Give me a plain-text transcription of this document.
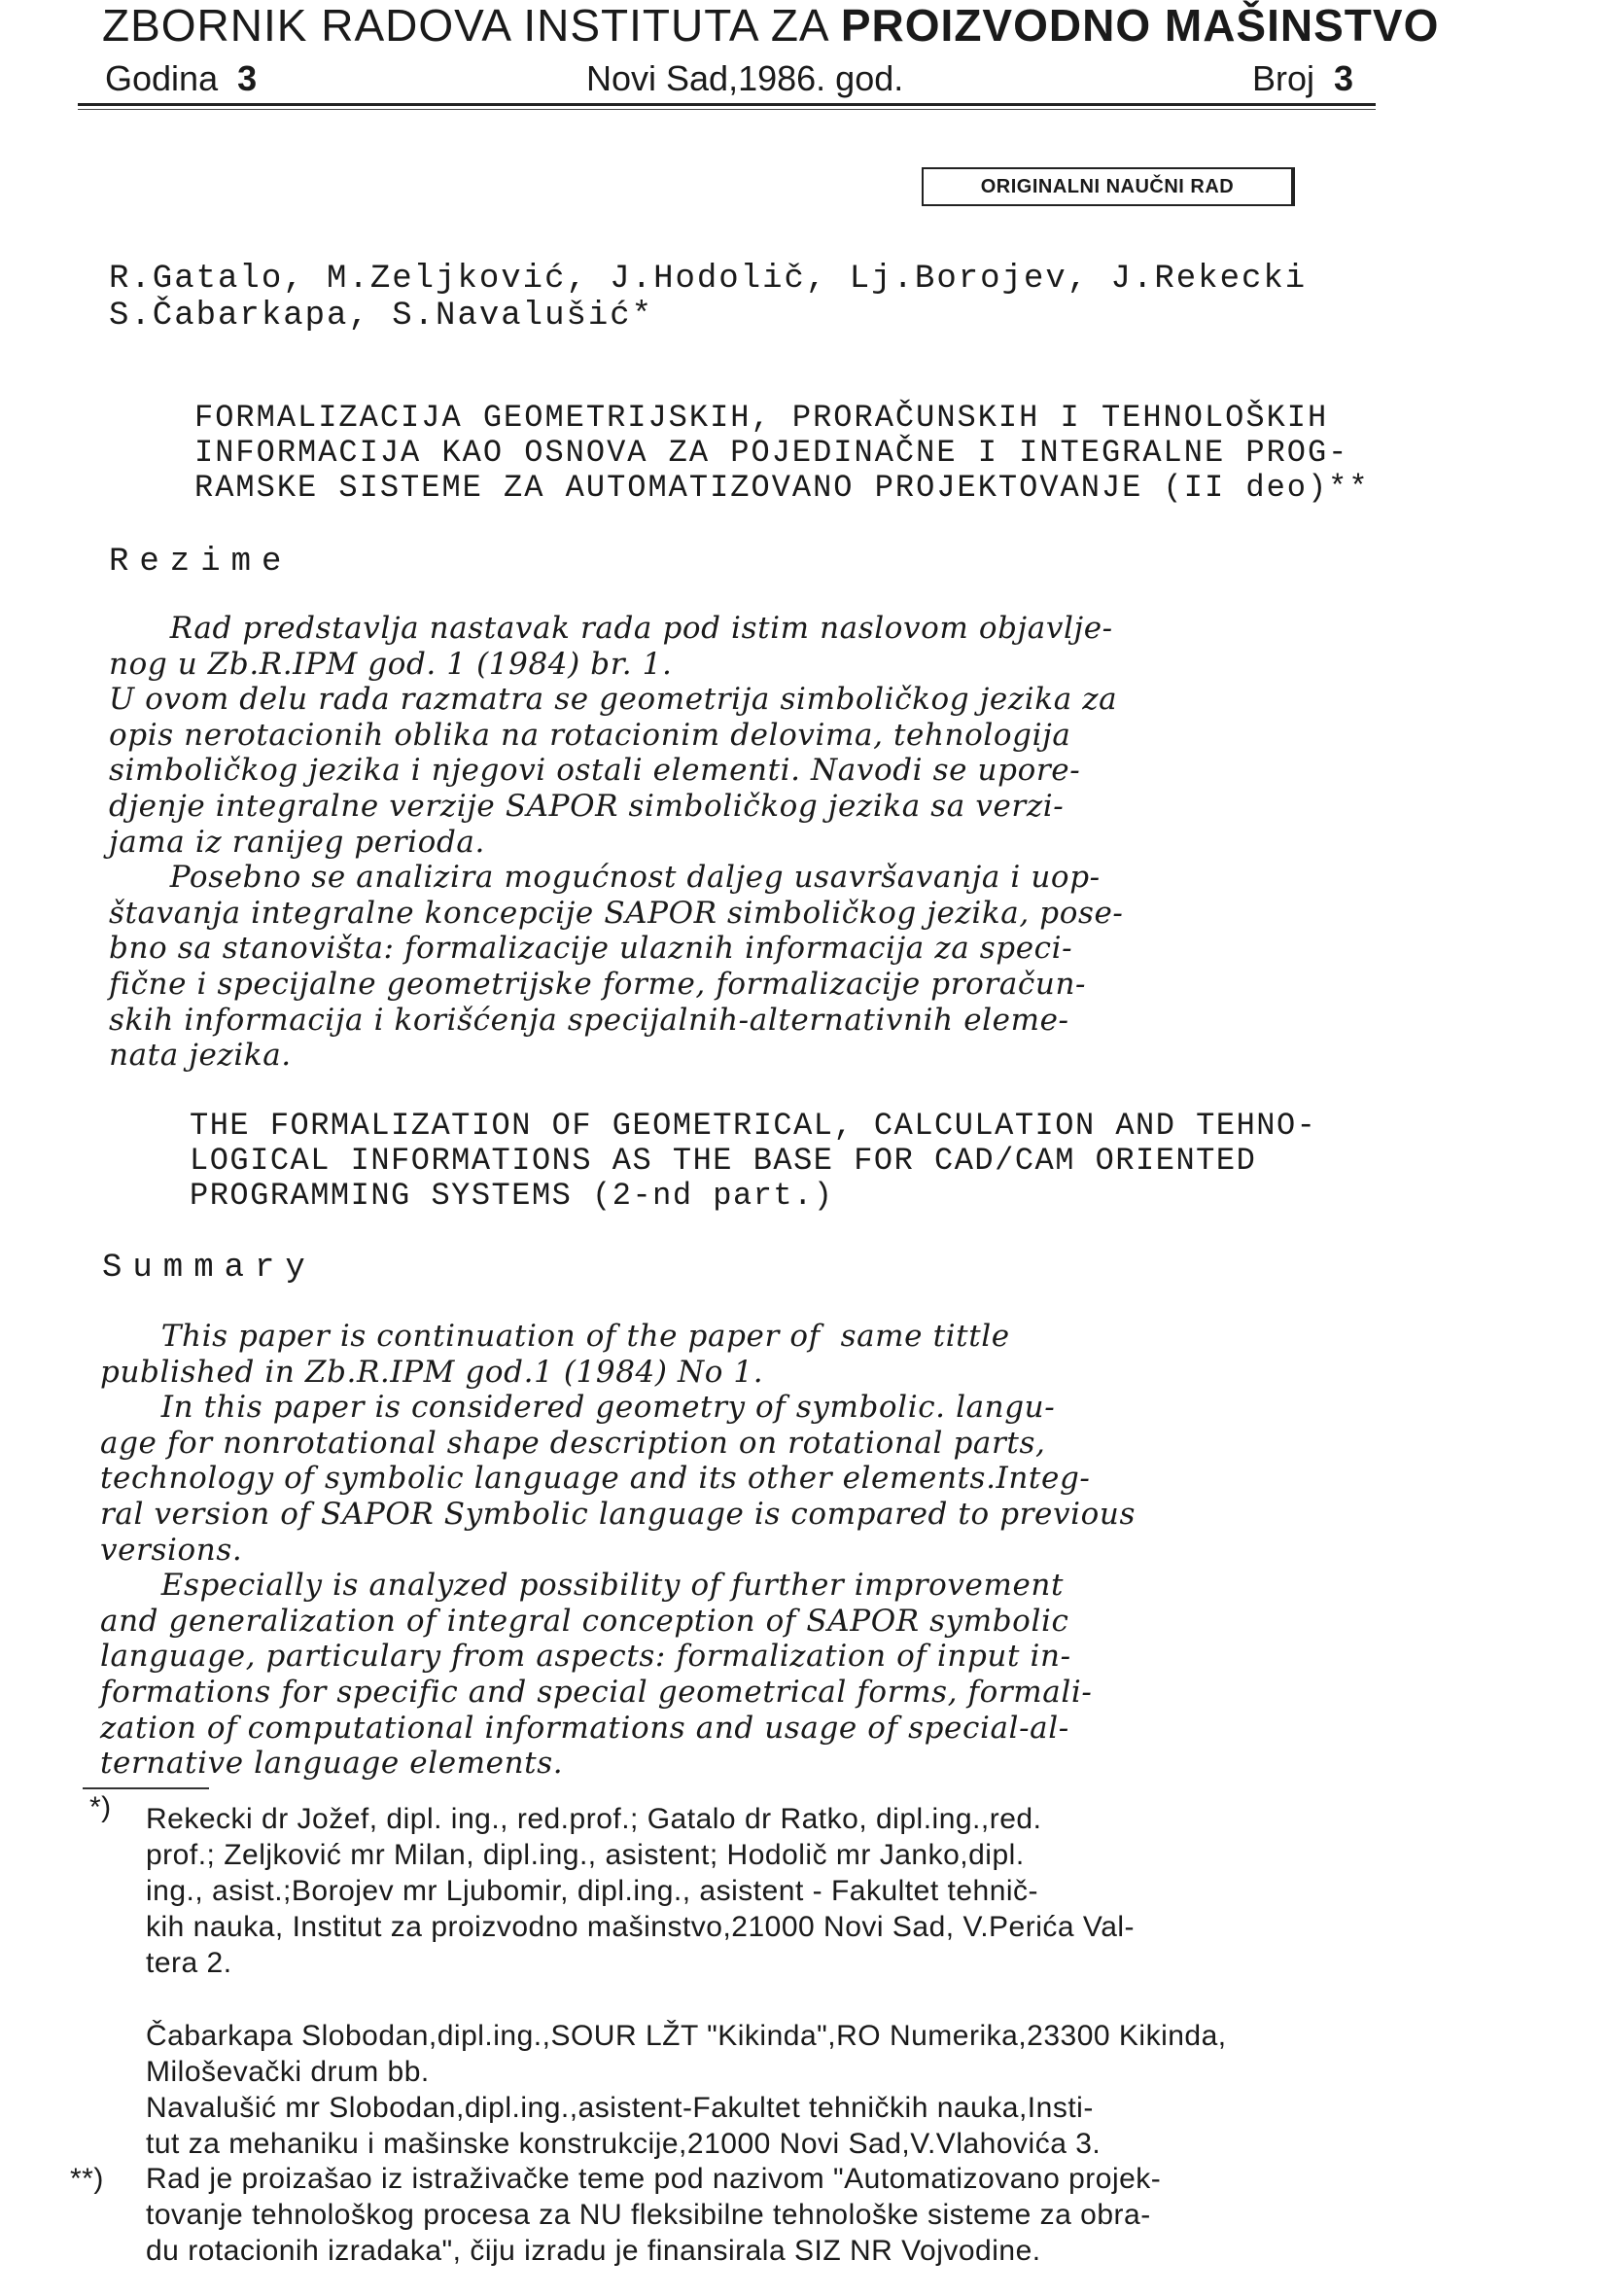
ZBORNIK RADOVA INSTITUTA ZA PROIZVODNO MAŠINSTVO
Godina 3	Novi Sad,1986. god.	Broj 3
ORIGINALNI NAUČNI RAD
R.Gatalo, M.Zeljković, J.Hodolič, Lj.Borojev, J.Rekecki
S.Čabarkapa, S.Navalušić*
FORMALIZACIJA GEOMETRIJSKIH, PRORAČUNSKIH I TEHNOLOŠKIH
INFORMACIJA KAO OSNOVA ZA POJEDINAČNE I INTEGRALNE PROG-
RAMSKE SISTEME ZA AUTOMATIZOVANO PROJEKTOVANJE (II deo)**
Rezime

Rad predstavlja nastavak rada pod istim naslovom objavlje-

nog u Zb.R.IPM god. 1 (1984) br. 1.

U ovom delu rada razmatra se geometrija simboličkog jezika za

opis nerotacionih oblika na rotacionim delovima, tehnologija

simboličkog jezika i njegovi ostali elementi. Navodi se upore-

djenje integralne verzije SAPOR simboličkog jezika sa verzi-

jama iz ranijeg perioda.

Posebno se analizira mogućnost daljeg usavršavanja i uop-

štavanja integralne koncepcije SAPOR simboličkog jezika, pose-

bno sa stanovišta: formalizacije ulaznih informacija za speci-

fične i specijalne geometrijske forme, formalizacije proračun-

skih informacija i korišćenja specijalnih-alternativnih eleme-

nata jezika.

THE FORMALIZATION OF GEOMETRICAL, CALCULATION AND TEHNO-
LOGICAL INFORMATIONS AS THE BASE FOR CAD/CAM ORIENTED
PROGRAMMING SYSTEMS (2-nd part.)
Summary

This paper is continuation of the paper of  same tittle

published in Zb.R.IPM god.1 (1984) No 1.

In this paper is considered geometry of symbolic. langu-

age for nonrotational shape description on rotational parts,

technology of symbolic language and its other elements.Integ-

ral version of SAPOR Symbolic language is compared to previous

versions.

Especially is analyzed possibility of further improvement

and generalization of integral conception of SAPOR symbolic

language, particulary from aspects: formalization of input in-

formations for specific and special geometrical forms, formali-

zation of computational informations and usage of special-al-

ternative language elements.

*) Rekecki dr Jožef, dipl. ing., red.prof.; Gatalo dr Ratko, dipl.ing.,red.
prof.; Zeljković mr Milan, dipl.ing., asistent; Hodolič mr Janko,dipl.
ing., asist.;Borojev mr Ljubomir, dipl.ing., asistent - Fakultet tehnič-
kih nauka, Institut za proizvodno mašinstvo,21000 Novi Sad, V.Perića Val-
tera 2.
Čabarkapa Slobodan,dipl.ing.,SOUR LŽT "Kikinda",RO Numerika,23300 Kikinda,
Miloševački drum bb.
Navalušić mr Slobodan,dipl.ing.,asistent-Fakultet tehničkih nauka,Insti-
tut za mehaniku i mašinske konstrukcije,21000 Novi Sad,V.Vlahovića 3.
**) Rad je proizašao iz istraživačke teme pod nazivom "Automatizovano projek-
tovanje tehnološkog procesa za NU fleksibilne tehnološke sisteme za obra-
du rotacionih izradaka", čiju izradu je finansirala SIZ NR Vojvodine.
